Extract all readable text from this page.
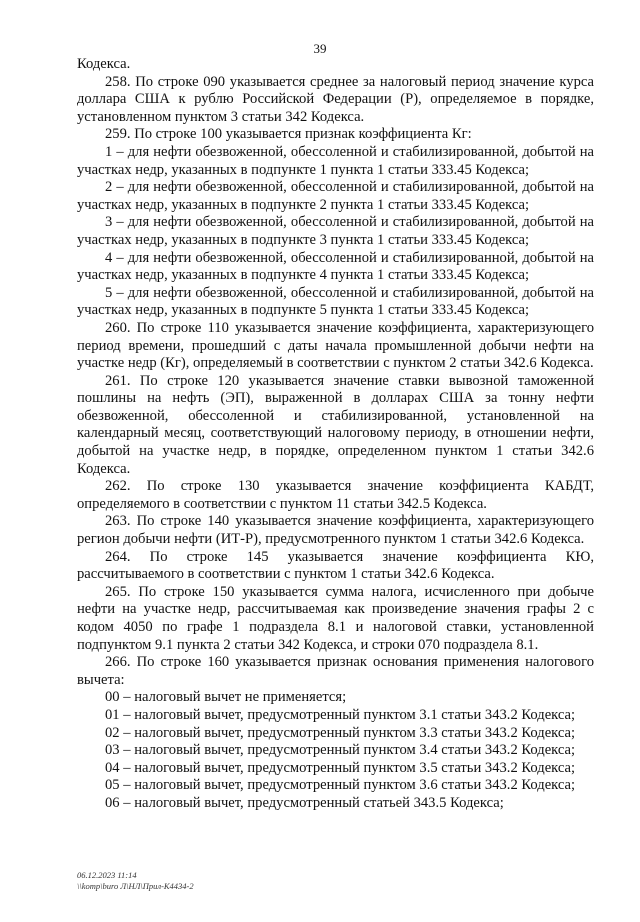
39

Кодекса.

258. По строке 090 указывается среднее за налоговый период значение курса доллара США к рублю Российской Федерации (Р), определяемое в порядке, установленном пунктом 3 статьи 342 Кодекса.

259. По строке 100 указывается признак коэффициента Кг:

1 – для нефти обезвоженной, обессоленной и стабилизированной, добытой на участках недр, указанных в подпункте 1 пункта 1 статьи 333.45 Кодекса;

2 – для нефти обезвоженной, обессоленной и стабилизированной, добытой на участках недр, указанных в подпункте 2 пункта 1 статьи 333.45 Кодекса;

3 – для нефти обезвоженной, обессоленной и стабилизированной, добытой на участках недр, указанных в подпункте 3 пункта 1 статьи 333.45 Кодекса;

4 – для нефти обезвоженной, обессоленной и стабилизированной, добытой на участках недр, указанных в подпункте 4 пункта 1 статьи 333.45 Кодекса;

5 – для нефти обезвоженной, обессоленной и стабилизированной, добытой на участках недр, указанных в подпункте 5 пункта 1 статьи 333.45 Кодекса;

260. По строке 110 указывается значение коэффициента, характеризующего период времени, прошедший с даты начала промышленной добычи нефти на участке недр (Кг), определяемый в соответствии с пунктом 2 статьи 342.6 Кодекса.

261. По строке 120 указывается значение ставки вывозной таможенной пошлины на нефть (ЭП), выраженной в долларах США за тонну нефти обезвоженной, обессоленной и стабилизированной, установленной на календарный месяц, соответствующий налоговому периоду, в отношении нефти, добытой на участке недр, в порядке, определенном пунктом 1 статьи 342.6 Кодекса.

262. По строке 130 указывается значение коэффициента КАБДТ, определяемого в соответствии с пунктом 11 статьи 342.5 Кодекса.

263. По строке 140 указывается значение коэффициента, характеризующего регион добычи нефти (ИТ-Р), предусмотренного пунктом 1 статьи 342.6 Кодекса.

264. По строке 145 указывается значение коэффициента КЮ, рассчитываемого в соответствии с пунктом 1 статьи 342.6 Кодекса.

265. По строке 150 указывается сумма налога, исчисленного при добыче нефти на участке недр, рассчитываемая как произведение значения графы 2 с кодом 4050 по графе 1 подраздела 8.1 и налоговой ставки, установленной подпунктом 9.1 пункта 2 статьи 342 Кодекса, и строки 070 подраздела 8.1.

266. По строке 160 указывается признак основания применения налогового вычета:

00 – налоговый вычет не применяется;

01 – налоговый вычет, предусмотренный пунктом 3.1 статьи 343.2 Кодекса;

02 – налоговый вычет, предусмотренный пунктом 3.3 статьи 343.2 Кодекса;

03 – налоговый вычет, предусмотренный пунктом 3.4 статьи 343.2 Кодекса;

04 – налоговый вычет, предусмотренный пунктом 3.5 статьи 343.2 Кодекса;

05 – налоговый вычет, предусмотренный пунктом 3.6 статьи 343.2 Кодекса;

06 – налоговый вычет, предусмотренный статьей 343.5 Кодекса;

06.12.2023 11:14
\\komp\buro Л\НЛ\Прил-К4434-2
